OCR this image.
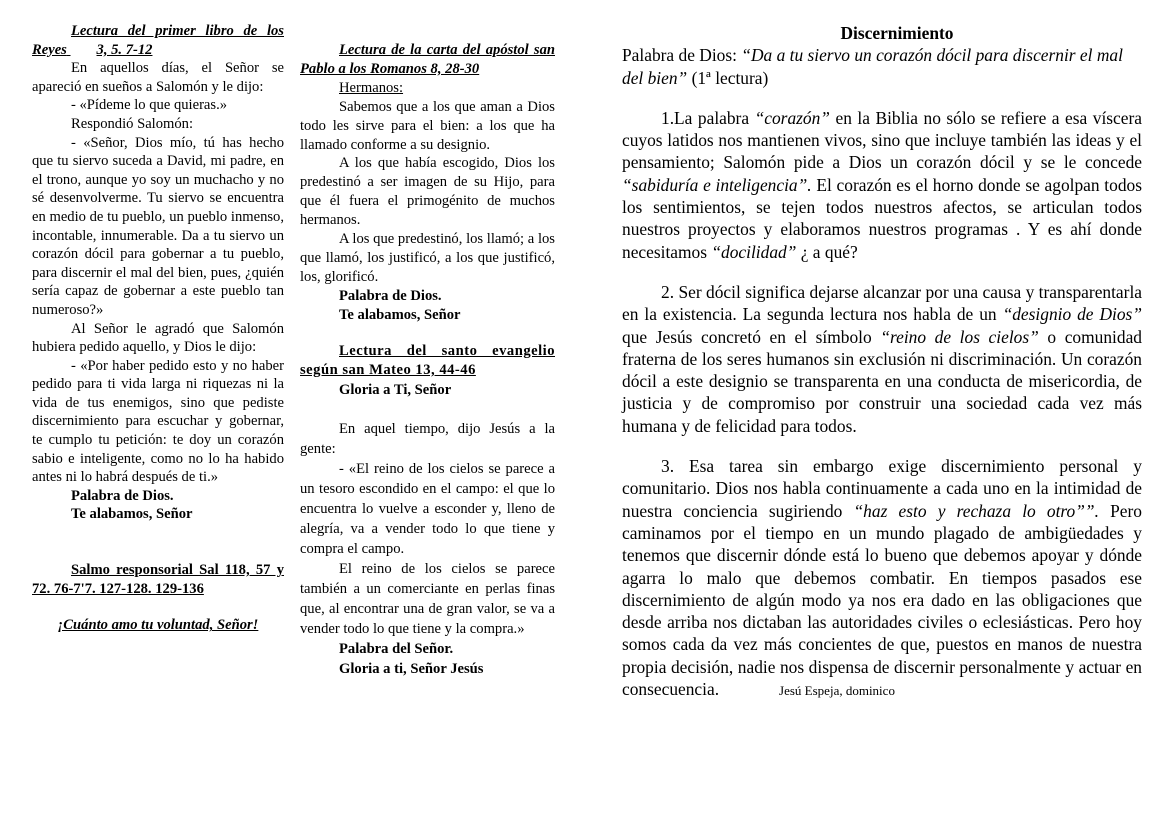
Lectura del primer libro de los Reyes 3, 5. 7-12

En aquellos días, el Señor se apareció en sueños a Salomón y le dijo:

- «Pídeme lo que quieras.»

Respondió Salomón:

- «Señor, Dios mío, tú has hecho que tu siervo suceda a David, mi padre, en el trono, aunque yo soy un muchacho y no sé desenvolverme. Tu siervo se encuentra en medio de tu pueblo, un pueblo inmenso, incontable, innumerable. Da a tu siervo un corazón dócil para gobernar a tu pueblo, para discernir el mal del bien, pues, ¿quién sería capaz de gobernar a este pueblo tan numeroso?»

Al Señor le agradó que Salomón hubiera pedido aquello, y Dios le dijo:

- «Por haber pedido esto y no haber pedido para ti vida larga ni riquezas ni la vida de tus enemigos, sino que pediste discernimiento para escuchar y gobernar, te cumplo tu petición: te doy un corazón sabio e inteligente, como no lo ha habido antes ni lo habrá después de ti.»

Palabra de Dios.

Te alabamos, Señor

Salmo responsorial Sal 118, 57 y 72. 76-7'7. 127-128. 129-136

¡Cuánto amo tu voluntad, Señor!

Lectura de la carta del apóstol san Pablo a los Romanos 8, 28-30

Hermanos:

Sabemos que a los que aman a Dios todo les sirve para el bien: a los que ha llamado conforme a su designio.

A los que había escogido, Dios los predestinó a ser imagen de su Hijo, para que él fuera el primogénito de muchos hermanos.

A los que predestinó, los llamó; a los que llamó, los justificó, a los que justificó, los, glorificó.

Palabra de Dios.

Te alabamos, Señor

Lectura del santo evangelio según san Mateo 13, 44-46

Gloria a Ti, Señor

En aquel tiempo, dijo Jesús a la gente:

- «El reino de los cielos se parece a un tesoro escondido en el campo: el que lo encuentra lo vuelve a esconder y, lleno de alegría, va a vender todo lo que tiene y compra el campo.

El reino de los cielos se parece también a un comerciante en perlas finas que, al encontrar una de gran valor, se va a vender todo lo que tiene y la compra.»

Palabra del Señor.

Gloria a ti, Señor Jesús

Discernimiento

Palabra de Dios: “Da a tu siervo un corazón dócil para discernir el mal del bien” (1ª lectura)

1.La palabra “corazón” en la Biblia no sólo se refiere a esa víscera cuyos latidos nos mantienen vivos, sino que incluye también las ideas y el pensamiento; Salomón pide a Dios un corazón dócil y se le concede “sabiduría e inteligencia”. El corazón es el horno donde se agolpan todos los sentimientos, se tejen todos nuestros afectos, se articulan todos nuestros proyectos y elaboramos nuestros programas . Y es ahí donde necesitamos “docilidad” ¿ a qué?

2. Ser dócil significa dejarse alcanzar por una causa y transparentarla en la existencia. La segunda lectura nos habla de un “designio de Dios” que Jesús concretó en el símbolo “reino de los cielos” o comunidad fraterna de los seres humanos sin exclusión ni discriminación. Un corazón dócil a este designio se transparenta en una conducta de misericordia, de justicia y de compromiso por construir una sociedad cada vez más humana y de felicidad para todos.

3. Esa tarea sin embargo exige discernimiento personal y comunitario. Dios nos habla continuamente a cada uno en la intimidad de nuestra conciencia sugiriendo “haz esto y rechaza lo otro””. Pero caminamos por el tiempo en un mundo plagado de ambigüedades y tenemos que discernir dónde está lo bueno que debemos apoyar y dónde agarra lo malo que debemos combatir. En tiempos pasados ese discernimiento de algún modo ya nos era dado en las obligaciones que desde arriba nos dictaban las autoridades civiles o eclesiásticas. Pero hoy somos cada da vez más concientes de que, puestos en manos de nuestra propia decisión, nadie nos dispensa de discernir personalmente y actuar en consecuencia.	Jesú Espeja, dominico
